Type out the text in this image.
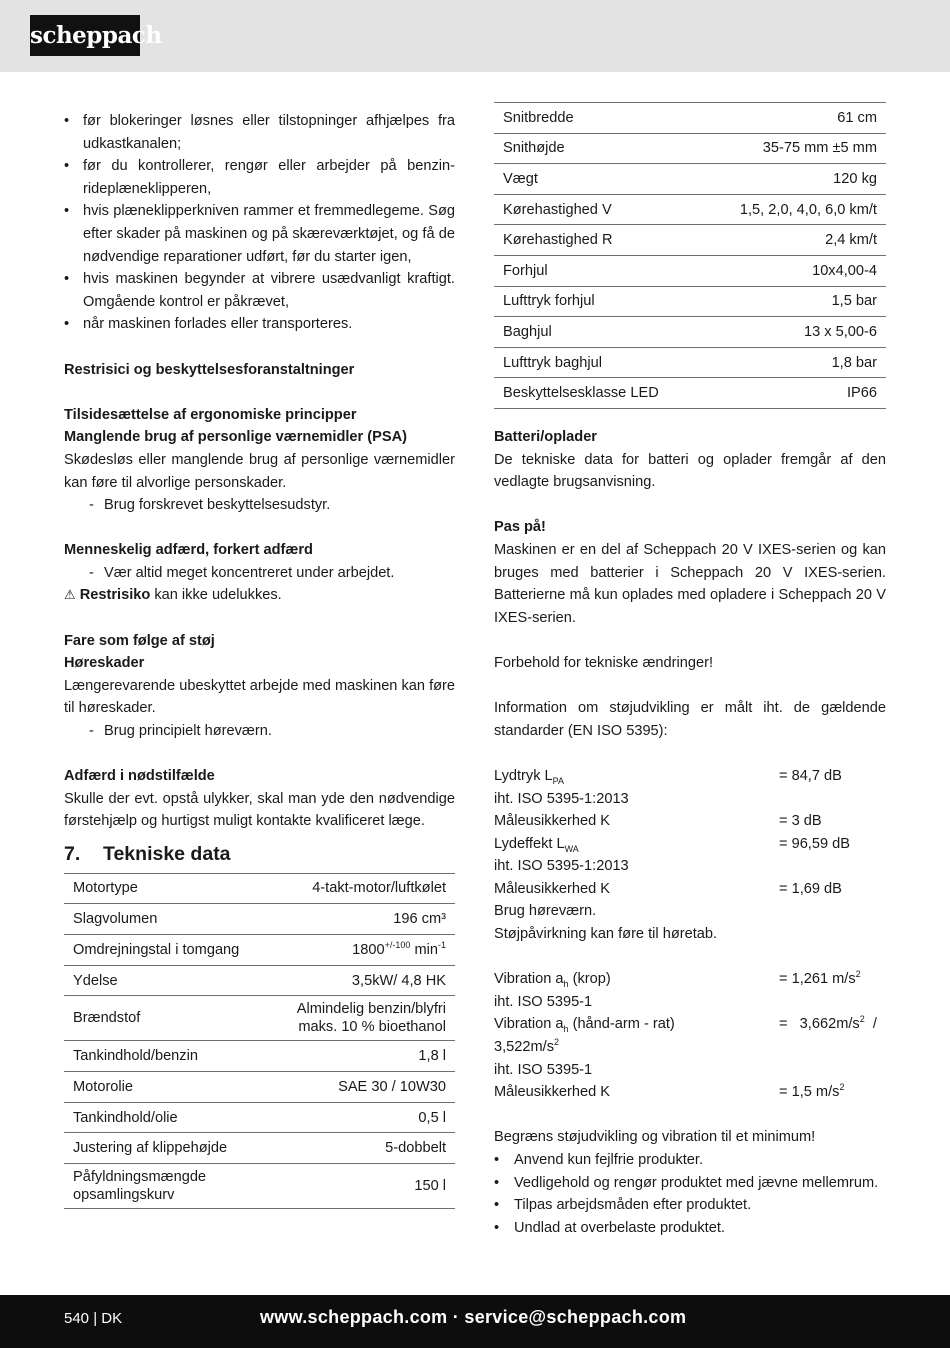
scheppach
• før blokeringer løsnes eller tilstopninger afhjælpes fra udkastkanalen;
• før du kontrollerer, rengør eller arbejder på benzin-rideplæneklipperen,
• hvis plæneklipperkniven rammer et fremmedlegeme. Søg efter skader på maskinen og på skæreværktøjet, og få de nødvendige reparationer udført, før du starter igen,
• hvis maskinen begynder at vibrere usædvanligt kraftigt. Omgående kontrol er påkrævet,
• når maskinen forlades eller transporteres.

Restrisici og beskyttelsesforanstaltninger

Tilsidesættelse af ergonomiske principper

Manglende brug af personlige værnemidler (PSA)

Skødesløs eller manglende brug af personlige værnemidler kan føre til alvorlige personskader.

- Brug forskrevet beskyttelsesudstyr.

Menneskelig adfærd, forkert adfærd

- Vær altid meget koncentreret under arbejdet.

⚠ Restrisiko kan ikke udelukkes.

Fare som følge af støj

Høreskader

Længerevarende ubeskyttet arbejde med maskinen kan føre til høreskader.

- Brug principielt høreværn.

Adfærd i nødstilfælde

Skulle der evt. opstå ulykker, skal man yde den nødvendige førstehjælp og hurtigst muligt kontakte kvalificeret læge.

7.	Tekniske data
Motortype	4-takt-motor/luftkølet
Slagvolumen	196 cm³
Omdrejningstal i tomgang	$1800^{+/-100}$ $\min^{-1}$
Ydelse	3,5kW/ 4,8 HK
Brændstof	Almindelig benzin/blyfri
maks. 10 % bioethanol

Tankindhold/benzin	1,8 l
Motorolie	SAE 30 / 10W30
Tankindhold/olie	0,5 l
Justering af klippehøjde	5-dobbelt

Påfyldningsmængde
opsamlingskurv	150 l
Snitbredde	61 cm
Snithøjde	35-75 mm ±5 mm
Vægt	120 kg
Kørehastighed V	1,5, 2,0, 4,0, 6,0 km/t
Kørehastighed R	2,4 km/t
Forhjul	10x4,00-4
Lufttryk forhjul	1,5 bar
Baghjul	13 x 5,00-6
Lufttryk baghjul	1,8 bar
Beskyttelsesklasse LED	IP66

Batteri/oplader

De tekniske data for batteri og oplader fremgår af den vedlagte brugsanvisning.

Pas på!

Maskinen er en del af Scheppach 20 V IXES-serien og kan bruges med batterier i Scheppach 20 V IXES-serien. Batterierne må kun oplades med opladere i Scheppach 20 V IXES-serien.

Forbehold for tekniske ændringer!

Information om støjudvikling er målt iht. de gældende standarder (EN ISO 5395):

Lydtryk $L_{PA}$	= 84,7 dB

iht. ISO 5395-1:2013

Måleusikkerhed K	= 3 dB
Lydeffekt $L_{WA}$	= 96,59 dB

iht. ISO 5395-1:2013

Måleusikkerhed K	= 1,69 dB

Brug høreværn.

Støjpåvirkning kan føre til høretab.

Vibration $a_h$ (krop)	= 1,261 $m/s^2$

iht. ISO 5395-1

Vibration $a_h$ (hånd-arm - rat)	=   $3,662m/s^2$  /

$3,522m/s^2$

iht. ISO 5395-1

Måleusikkerhed K	= 1,5 $m/s^2$

Begræns støjudvikling og vibration til et minimum!

• Anvend kun fejlfrie produkter.
• Vedligehold og rengør produktet med jævne mellemrum.
• Tilpas arbejdsmåden efter produktet.
• Undlad at overbelaste produktet.
540 | DK	www.scheppach.com · service@scheppach.com
